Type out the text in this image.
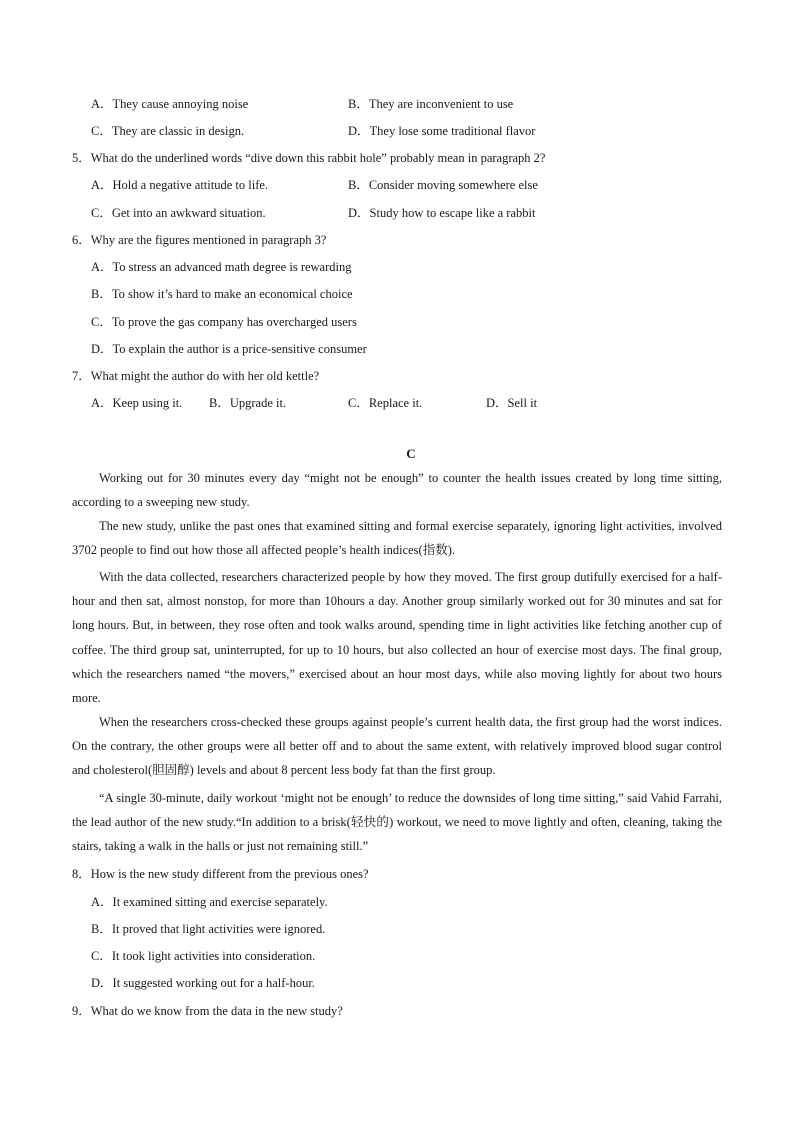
A．They cause annoying noise	B．They are inconvenient to use
C．They are classic in design.	D．They lose some traditional flavor
5．What do the underlined words “dive down this rabbit hole” probably mean in paragraph 2?
A．Hold a negative attitude to life.	B．Consider moving somewhere else
C．Get into an awkward situation.	D．Study how to escape like a rabbit
6．Why are the figures mentioned in paragraph 3?
A．To stress an advanced math degree is rewarding
B．To show it’s hard to make an economical choice
C．To prove the gas company has overcharged users
D．To explain the author is a price-sensitive consumer
7．What might the author do with her old kettle?
A．Keep using it. B．Upgrade it.	C．Replace it.	D．Sell it
C
Working out for 30 minutes every day “might not be enough” to counter the health issues created by long time sitting, according to a sweeping new study.
The new study, unlike the past ones that examined sitting and formal exercise separately, ignoring light activities, involved 3702 people to find out how those all affected people’s health indices(指数).
With the data collected, researchers characterized people by how they moved. The first group dutifully exercised for a half-hour and then sat, almost nonstop, for more than 10hours a day. Another group similarly worked out for 30 minutes and sat for long hours. But, in between, they rose often and took walks around, spending time in light activities like fetching another cup of coffee. The third group sat, uninterrupted, for up to 10 hours, but also collected an hour of exercise most days. The final group, which the researchers named “the movers,” exercised about an hour most days, while also moving lightly for about two hours more.
When the researchers cross-checked these groups against people’s current health data, the first group had the worst indices. On the contrary, the other groups were all better off and to about the same extent, with relatively improved blood sugar control and cholesterol(胆固醇) levels and about 8 percent less body fat than the first group.
“A single 30-minute, daily workout ‘might not be enough’ to reduce the downsides of long time sitting,” said Vahid Farrahi, the lead author of the new study.“In addition to a brisk(轻快的) workout, we need to move lightly and often, cleaning, taking the stairs, taking a walk in the halls or just not remaining still.”
8．How is the new study different from the previous ones?
A．It examined sitting and exercise separately.
B．It proved that light activities were ignored.
C．It took light activities into consideration.
D．It suggested working out for a half-hour.
9．What do we know from the data in the new study?
